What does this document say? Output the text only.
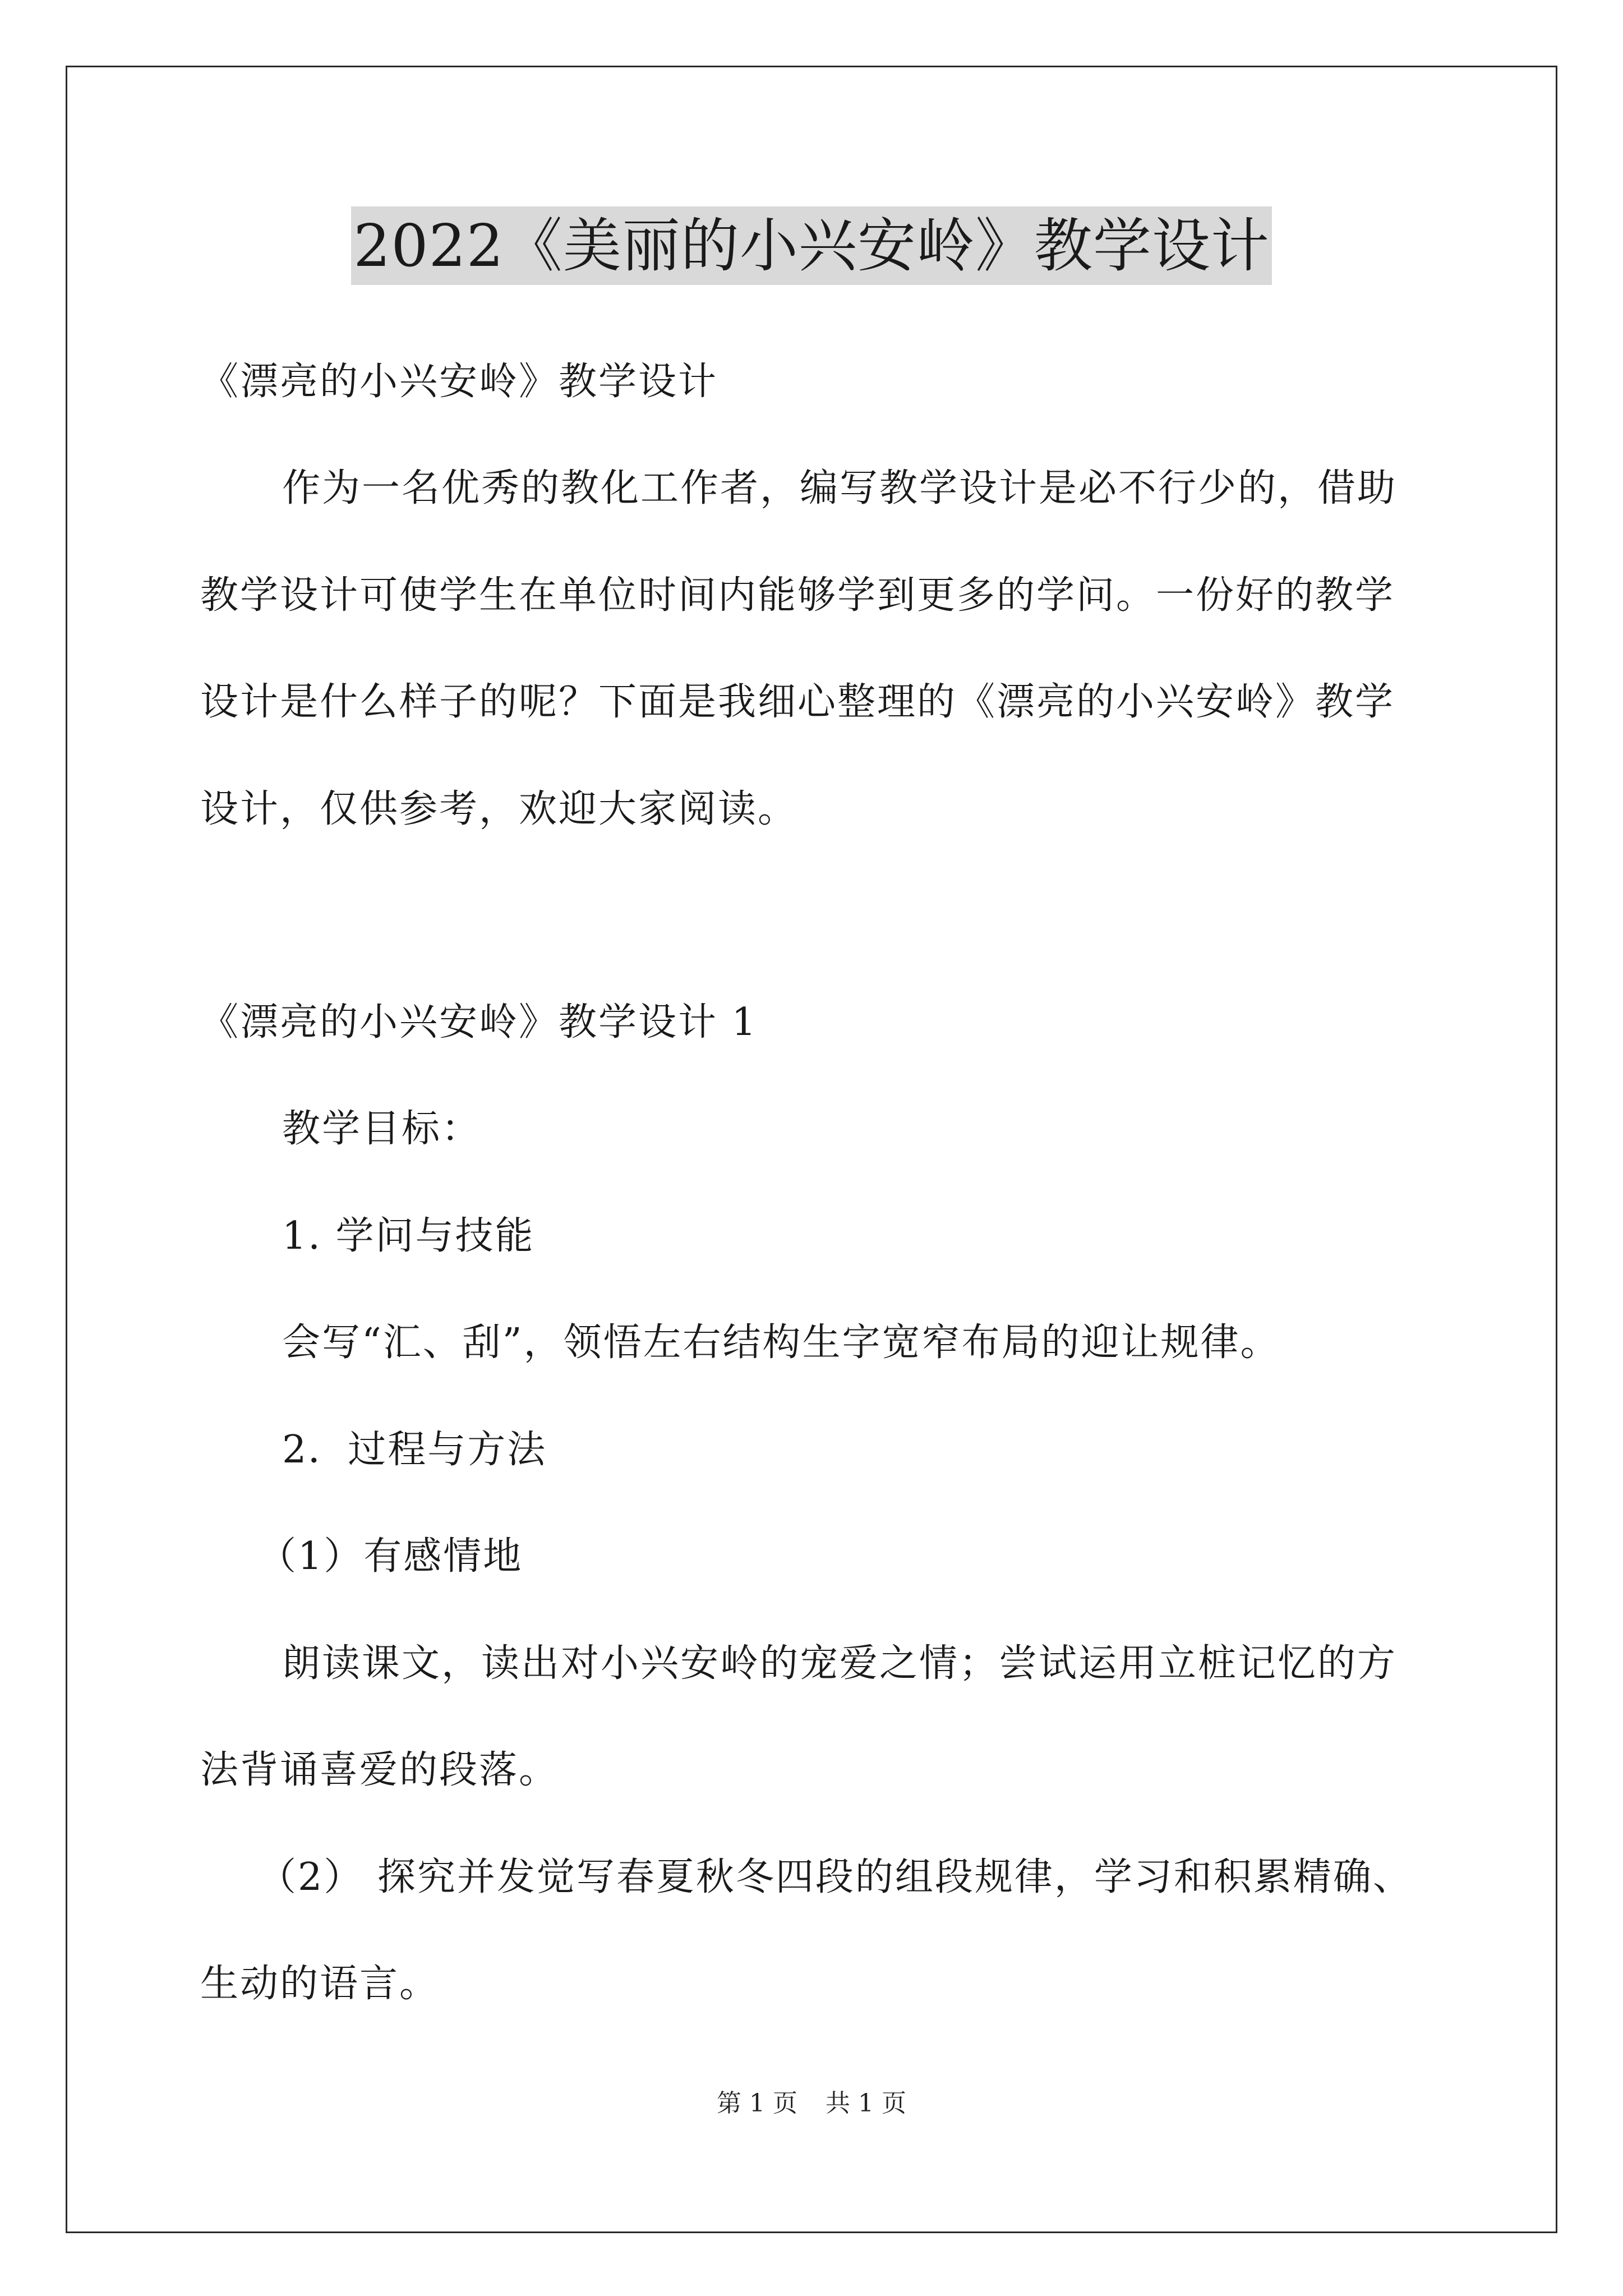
2022《美丽的小兴安岭》教学设计
《漂亮的小兴安岭》教学设计
作为一名优秀的教化工作者，编写教学设计是必不行少的，借助
教学设计可使学生在单位时间内能够学到更多的学问。一份好的教学
设计是什么样子的呢？下面是我细心整理的《漂亮的小兴安岭》教学
设计，仅供参考，欢迎大家阅读。
《漂亮的小兴安岭》教学设计 1
教学目标：
1. 学问与技能
会写“汇、刮”，领悟左右结构生字宽窄布局的迎让规律。
2．过程与方法
（1）有感情地
朗读课文，读出对小兴安岭的宠爱之情；尝试运用立桩记忆的方
法背诵喜爱的段落。
（2） 探究并发觉写春夏秋冬四段的组段规律，学习和积累精确、
生动的语言。
第 1 页 共 1 页
